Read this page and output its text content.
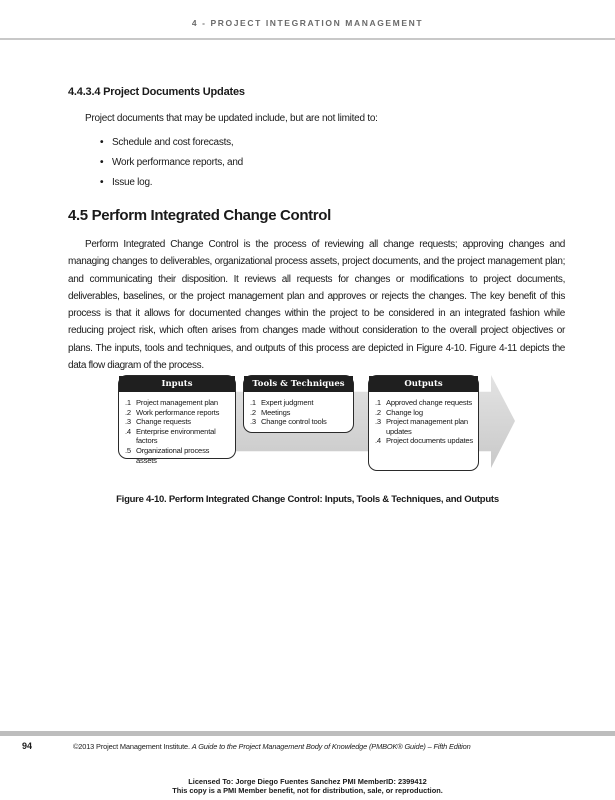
4 - PROJECT INTEGRATION MANAGEMENT
4.4.3.4 Project Documents Updates

Project documents that may be updated include, but are not limited to:

• Schedule and cost forecasts,
• Work performance reports, and
• Issue log.
4.5 Perform Integrated Change Control

Perform Integrated Change Control is the process of reviewing all change requests; approving changes and managing changes to deliverables, organizational process assets, project documents, and the project management plan; and communicating their disposition. It reviews all requests for changes or modifications to project documents, deliverables, baselines, or the project management plan and approves or rejects the changes. The key benefit of this process is that it allows for documented changes within the project to be considered in an integrated fashion while reducing project risk, which often arises from changes made without consideration to the overall project objectives or plans. The inputs, tools and techniques, and outputs of this process are depicted in Figure 4-10. Figure 4-11 depicts the data flow diagram of the process.

Inputs
.1 Project management plan
.2 Work performance reports
.3 Change requests
.4 Enterprise environmental factors
.5 Organizational process assets
Tools & Techniques
.1 Expert judgment
.2 Meetings
.3 Change control tools
Outputs
.1 Approved change requests
.2 Change log
.3 Project management plan updates
.4 Project documents updates

Figure 4-10. Perform Integrated Change Control: Inputs, Tools & Techniques, and Outputs

94	©2013 Project Management Institute. A Guide to the Project Management Body of Knowledge (PMBOK® Guide) – Fifth Edition
Licensed To: Jorge Diego Fuentes Sanchez PMI MemberID: 2399412
This copy is a PMI Member benefit, not for distribution, sale, or reproduction.
